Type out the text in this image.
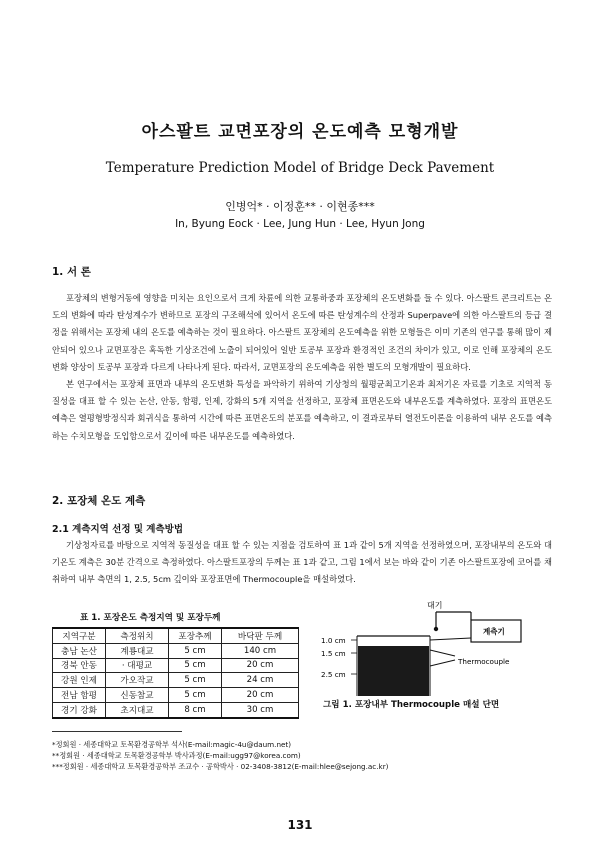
아스팔트 교면포장의 온도예측 모형개발
Temperature Prediction Model of Bridge Deck Pavement
인병억* · 이정훈** · 이현종***
In, Byung Eock · Lee, Jung Hun · Lee, Hyun Jong
1. 서 론

포장체의 변형거동에 영향을 미치는 요인으로서 크게 차륜에 의한 교통하중과 포장체의 온도변화를 들 수 있다. 아스팔트 콘크리트는 온도의 변화에 따라 탄성계수가 변하므로 포장의 구조해석에 있어서 온도에 따른 탄성계수의 산정과 Superpave에 의한 아스팔트의 등급 결정을 위해서는 포장체 내의 온도를 예측하는 것이 필요하다. 아스팔트 포장체의 온도예측을 위한 모형들은 이미 기존의 연구를 통해 많이 제안되어 있으나 교면포장은 혹독한 기상조건에 노출이 되어있어 일반 토공부 포장과 환경적인 조건의 차이가 있고, 이로 인해 포장체의 온도변화 양상이 토공부 포장과 다르게 나타나게 된다. 따라서, 교면포장의 온도예측을 위한 별도의 모형개발이 필요하다.

본 연구에서는 포장체 표면과 내부의 온도변화 특성을 파악하기 위하여 기상청의 월평균최고기온과 최저기온 자료를 기초로 지역적 동질성을 대표 할 수 있는 논산, 안동, 함평, 인제, 강화의 5개 지역을 선정하고, 포장체 표면온도와 내부온도를 계측하였다. 포장의 표면온도예측은 열평형방정식과 회귀식을 통하여 시간에 따른 표면온도의 분포를 예측하고, 이 결과로부터 열전도이론을 이용하여 내부 온도를 예측하는 수치모형을 도입함으로서 깊이에 따른 내부온도를 예측하였다.

2. 포장체 온도 계측
2.1 계측지역 선정 및 계측방법

기상청자료를 바탕으로 지역적 동질성을 대표 할 수 있는 지점을 검토하여 표 1과 같이 5개 지역을 선정하였으며, 포장내부의 온도와 대기온도 계측은 30분 간격으로 측정하였다. 아스팔트포장의 두께는 표 1과 같고, 그림 1에서 보는 바와 같이 기존 아스팔트포장에 코어를 채취하여 내부 측면의 1, 2.5, 5cm 깊이와 포장표면에 Thermocouple을 매설하였다.

표 1. 포장온도 측정지역 및 포장두께
지역구분	측정위치	포장추께	바닥판 두께
충남 논산	계룡대교	5 cm	140 cm
경북 안동	· 대평교	5 cm	20 cm
강원 인제	가오작교	5 cm	24 cm
전남 함평	신동참교	5 cm	20 cm
경기 강화	초지대교	8 cm	30 cm
대기
계측기
Thermocouple
1.0 cm
1.5 cm
2.5 cm
그림 1. 포장내부 Thermocouple 매설 단면
*정회원 · 세종대학교 토목환경공학부 석사(E-mail:magic-4u@daum.net)
**정회원 · 세종대학교 토목환경공학부 박사과정(E-mail:ugg97@korea.com)
***정회원 · 세종대학교 토목환경공학부 조교수 · 공학박사 · 02-3408-3812(E-mail:hlee@sejong.ac.kr)
131
